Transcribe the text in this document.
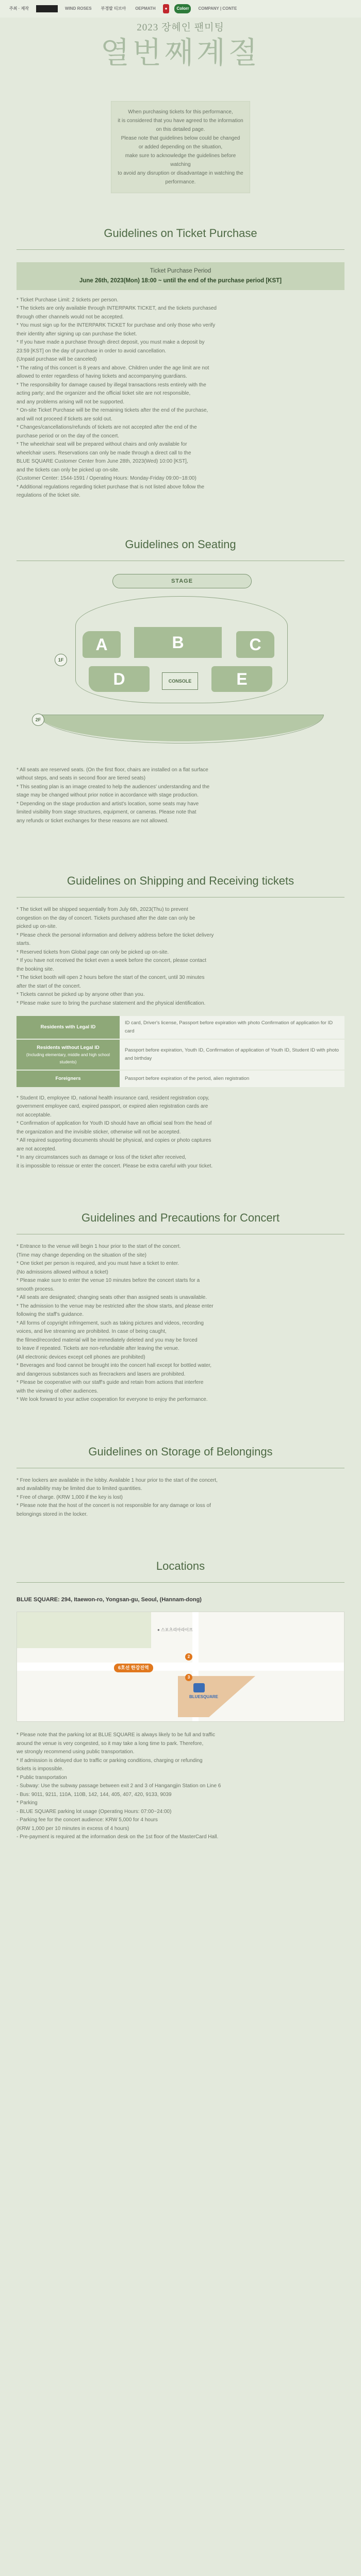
주최 · 제작	WIND ROSES	부경발 티브아	OEPMATH	●	Colorr	COMPANY | CONTE
2023 장혜인 팬미팅
열번째계절
When purchasing tickets for this performance,
it is considered that you have agreed to the information on this detailed page.
Please note that guidelines below could be changed
or added depending on the situation,
make sure to acknowledge the guidelines before watching
to avoid any disruption or disadvantage in watching the performance.
Guidelines on Ticket Purchase
Ticket Purchase Period
June 26th, 2023(Mon) 18:00 ~ until the end of the purchase period [KST]
* Ticket Purchase Limit: 2 tickets per person.
* The tickets are only available through INTERPARK TICKET, and the tickets purchased
through other channels would not be accepted.
* You must sign up for the INTERPARK TICKET for purchase and only those who verify
their identity after signing up can purchase the ticket.
* If you have made a purchase through direct deposit, you must make a deposit by
23:59 [KST] on the day of purchase in order to avoid cancellation.
(Unpaid purchase will be canceled)
* The rating of this concert is 8 years and above. Children under the age limit are not
allowed to enter regardless of having tickets and accompanying guardians.
* The responsibility for damage caused by illegal transactions rests entirely with the
acting party; and the organizer and the official ticket site are not responsible,
and any problems arising will not be supported.
* On-site Ticket Purchase will be the remaining tickets after the end of the purchase,
and will not proceed if tickets are sold out.
* Changes/cancellations/refunds of tickets are not accepted after the end of the
purchase period or on the day of the concert.
* The wheelchair seat will be prepared without chairs and only available for
wheelchair users. Reservations can only be made through a direct call to the
BLUE SQUARE Customer Center from June 28th, 2023(Wed) 10:00 [KST],
and the tickets can only be picked up on-site.
(Customer Center: 1544-1591 / Operating Hours: Monday-Friday 09:00~18:00)
* Additional regulations regarding ticket purchase that is not listed above follow the
regulations of the ticket site.
Guidelines on Seating
STAGE
1F
A	B	C
D	E
CONSOLE
2F
* All seats are reserved seats. (On the first floor, chairs are installed on a flat surface
without steps, and seats in second floor are tiered seats)
* This seating plan is an image created to help the audiences' understanding and the
stage may be changed without prior notice in accordance with stage production.
* Depending on the stage production and artist's location, some seats may have
limited visibility from stage structures, equipment, or cameras. Please note that
any refunds or ticket exchanges for these reasons are not allowed.
Guidelines on Shipping and Receiving tickets
* The ticket will be shipped sequentially from July 6th, 2023(Thu) to prevent
congestion on the day of concert. Tickets purchased after the date can only be
picked up on-site.
* Please check the personal information and delivery address before the ticket delivery
starts.
* Reserved tickets from Global page can only be picked up on-site.
* If you have not received the ticket even a week before the concert, please contact
the booking site.
* The ticket booth will open 2 hours before the start of the concert, until 30 minutes
after the start of the concert.
* Tickets cannot be picked up by anyone other than you.
* Please make sure to bring the purchase statement and the physical identification.
Residents with Legal ID	ID card, Driver's license, Passport before expiration with photo Confirmation of application for ID card
Residents without Legal ID
(Including elementary, middle and high school students)	Passport before expiration, Youth ID, Confirmation of application of Youth ID, Student ID with photo and birthday
Foreigners	Passport before expiration of the period, alien registration
* Student ID, employee ID, national health insurance card, resident registration copy,
government employee card, expired passport, or expired alien registration cards are
not acceptable.
* Confirmation of application for Youth ID should have an official seal from the head of
the organization and the invisible sticker, otherwise will not be accepted.
* All required supporting documents should be physical, and copies or photo captures
are not accepted.
* In any circumstances such as damage or loss of the ticket after received,
it is impossible to reissue or enter the concert. Please be extra careful with your ticket.
Guidelines and Precautions for Concert
* Entrance to the venue will begin 1 hour prior to the start of the concert.
(Time may change depending on the situation of the site)
* One ticket per person is required, and you must have a ticket to enter.
(No admissions allowed without a ticket)
* Please make sure to enter the venue 10 minutes before the concert starts for a
smooth process.
* All seats are designated; changing seats other than assigned seats is unavailable.
* The admission to the venue may be restricted after the show starts, and please enter
following the staff's guidance.
* All forms of copyright infringement, such as taking pictures and videos, recording
voices, and live streaming are prohibited. In case of being caught,
the filmed/recorded material will be immediately deleted and you may be forced
to leave if repeated. Tickets are non-refundable after leaving the venue.
(All electronic devices except cell phones are prohibited)
* Beverages and food cannot be brought into the concert hall except for bottled water,
and dangerous substances such as firecrackers and lasers are prohibited.
* Please be cooperative with our staff's guide and retain from actions that interfere
with the viewing of other audiences.
* We look forward to your active cooperation for everyone to enjoy the performance.
Guidelines on Storage of Belongings
* Free lockers are available in the lobby. Available 1 hour prior to the start of the concert,
and availability may be limited due to limited quantities.
* Free of charge. (KRW 1,000 if the key is lost)
* Please note that the host of the concert is not responsible for any damage or loss of
belongings stored in the locker.
Locations
BLUE SQUARE: 294, Itaewon-ro, Yongsan-gu, Seoul, (Hannam-dong)
● 스포츠리아라이프
6호선 한강진역
2
3
BLUESQUARE
* Please note that the parking lot at BLUE SQUARE is always likely to be full and traffic
around the venue is very congested, so it may take a long time to park. Therefore,
we strongly recommend using public transportation.
* If admission is delayed due to traffic or parking conditions, charging or refunding
tickets is impossible.
* Public transportation
- Subway: Use the subway passage between exit 2 and 3 of Hangangjin Station on Line 6
- Bus: 9011, 9211, 110A, 110B, 142, 144, 405, 407, 420, 9133, 9039
* Parking
- BLUE SQUARE parking lot usage (Operating Hours: 07:00~24:00)
- Parking fee for the concert audience: KRW 5,000 for 4 hours
(KRW 1,000 per 10 minutes in excess of 4 hours)
- Pre-payment is required at the information desk on the 1st floor of the MasterCard Hall.
